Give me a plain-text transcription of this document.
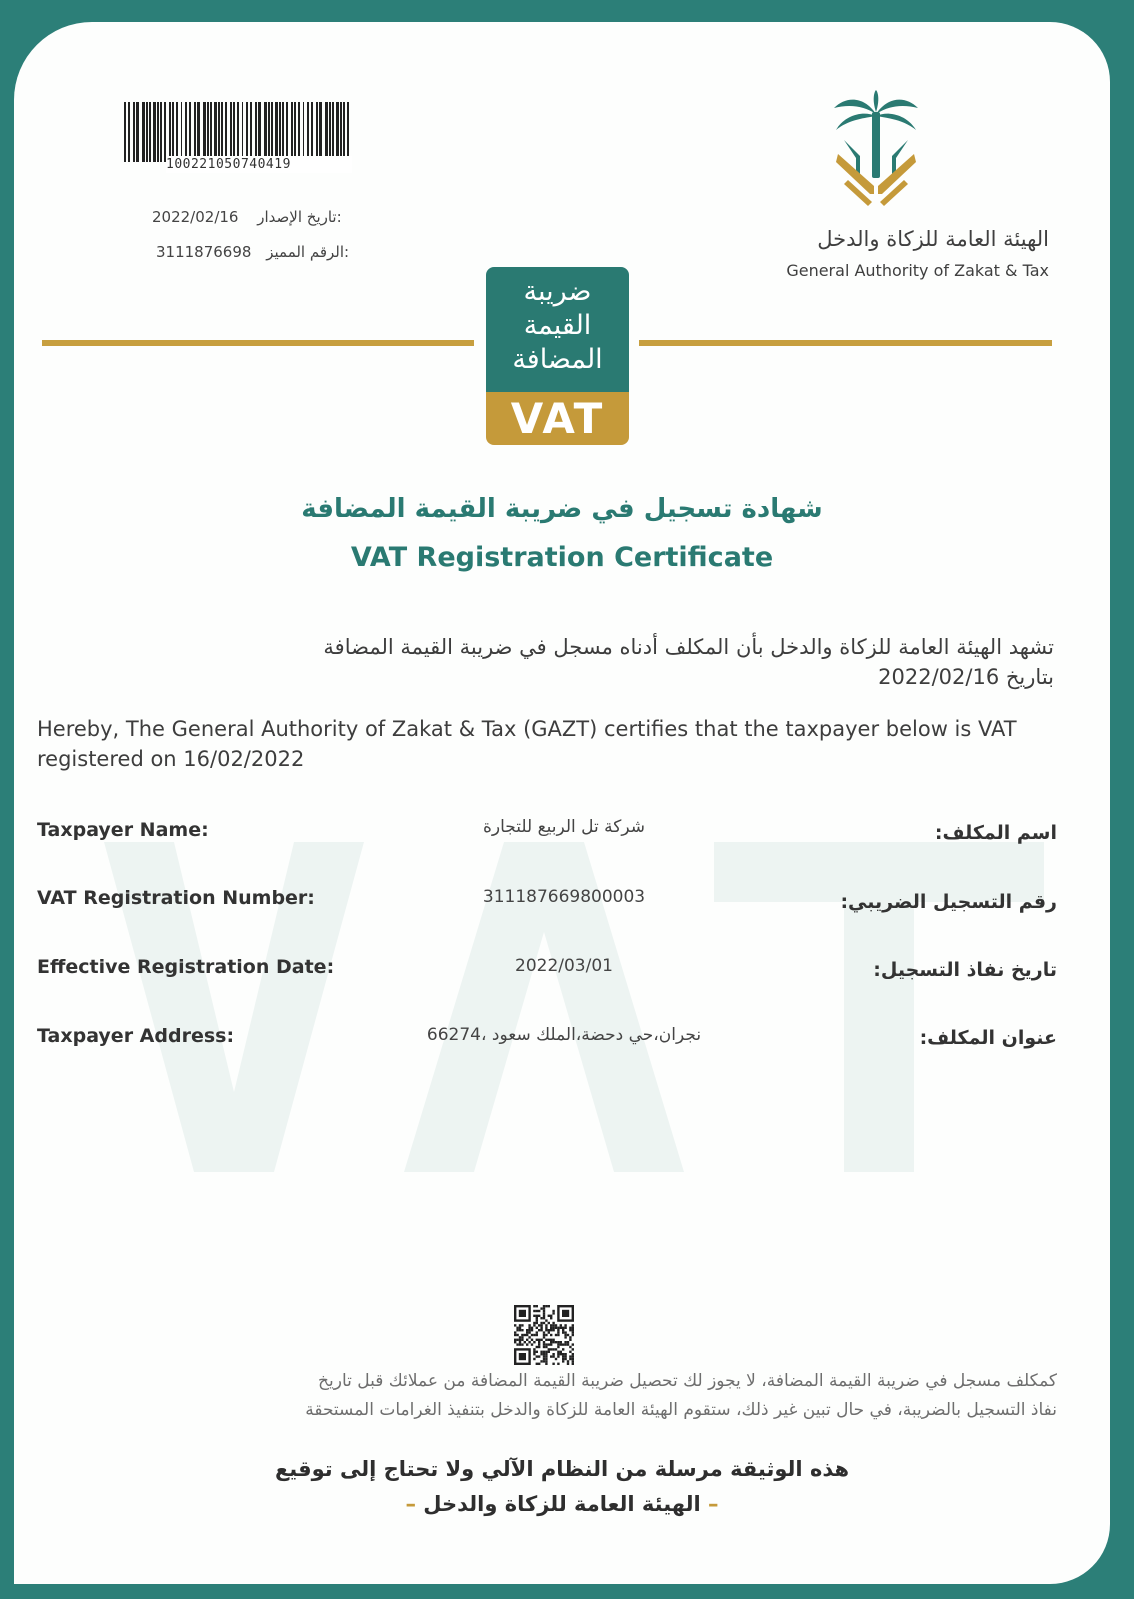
100221050740419
2022/02/16 تاريخ الإصدار:
3111876698 الرقم المميز:
الهيئة العامة للزكاة والدخل
General Authority of Zakat & Tax
ضريبة
القيمة
المضافة
VAT
شهادة تسجيل في ضريبة القيمة المضافة
VAT Registration Certificate
تشهد الهيئة العامة للزكاة والدخل بأن المكلف أدناه مسجل في ضريبة القيمة المضافة
بتاريخ 2022/02/16
Hereby, The General Authority of Zakat & Tax (GAZT) certifies that the taxpayer below is VAT registered on 16/02/2022
Taxpayer Name:	شركة تل الربيع للتجارة	اسم المكلف:
VAT Registration Number:	311187669800003	رقم التسجيل الضريبي:
Effective Registration Date:	2022/03/01	تاريخ نفاذ التسجيل:
Taxpayer Address:	نجران،حي دحضة،الملك سعود ،66274	عنوان المكلف:
كمكلف مسجل في ضريبة القيمة المضافة، لا يجوز لك تحصيل ضريبة القيمة المضافة من عملائك قبل تاريخ
نفاذ التسجيل بالضريبة، في حال تبين غير ذلك، ستقوم الهيئة العامة للزكاة والدخل بتنفيذ الغرامات المستحقة
هذه الوثيقة مرسلة من النظام الآلي ولا تحتاج إلى توقيع
– الهيئة العامة للزكاة والدخل –
